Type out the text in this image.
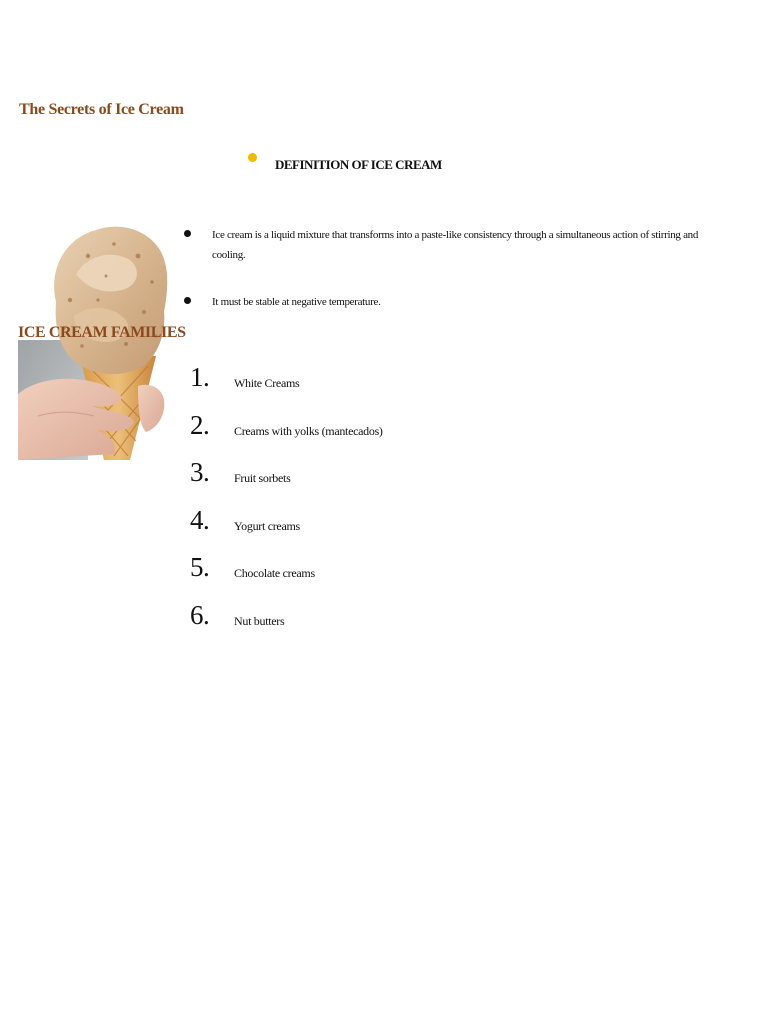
The Secrets of Ice Cream
DEFINITION OF ICE CREAM
ICE CREAM FAMILIES
Ice cream is a liquid mixture that transforms into a paste-like consistency through a simultaneous action of stirring and cooling.
It must be stable at negative temperature.
1. White Creams
2. Creams with yolks (mantecados)
3. Fruit sorbets
4. Yogurt creams
5. Chocolate creams
6. Nut butters
